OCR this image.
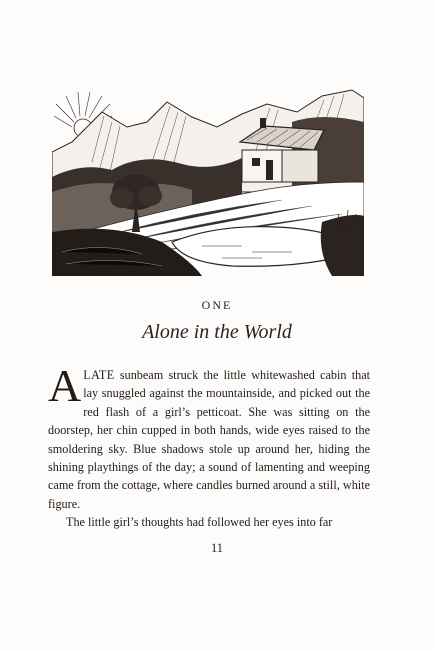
ONE
Alone in the World

ALATE sunbeam struck the little whitewashed cabin that lay snuggled against the mountainside, and picked out the red flash of a girl’s petticoat. She was sitting on the doorstep, her chin cupped in both hands, wide eyes raised to the smoldering sky. Blue shadows stole up around her, hiding the shining playthings of the day; a sound of lamenting and weeping came from the cottage, where candles burned around a still, white figure.

The little girl’s thoughts had followed her eyes into far

11
